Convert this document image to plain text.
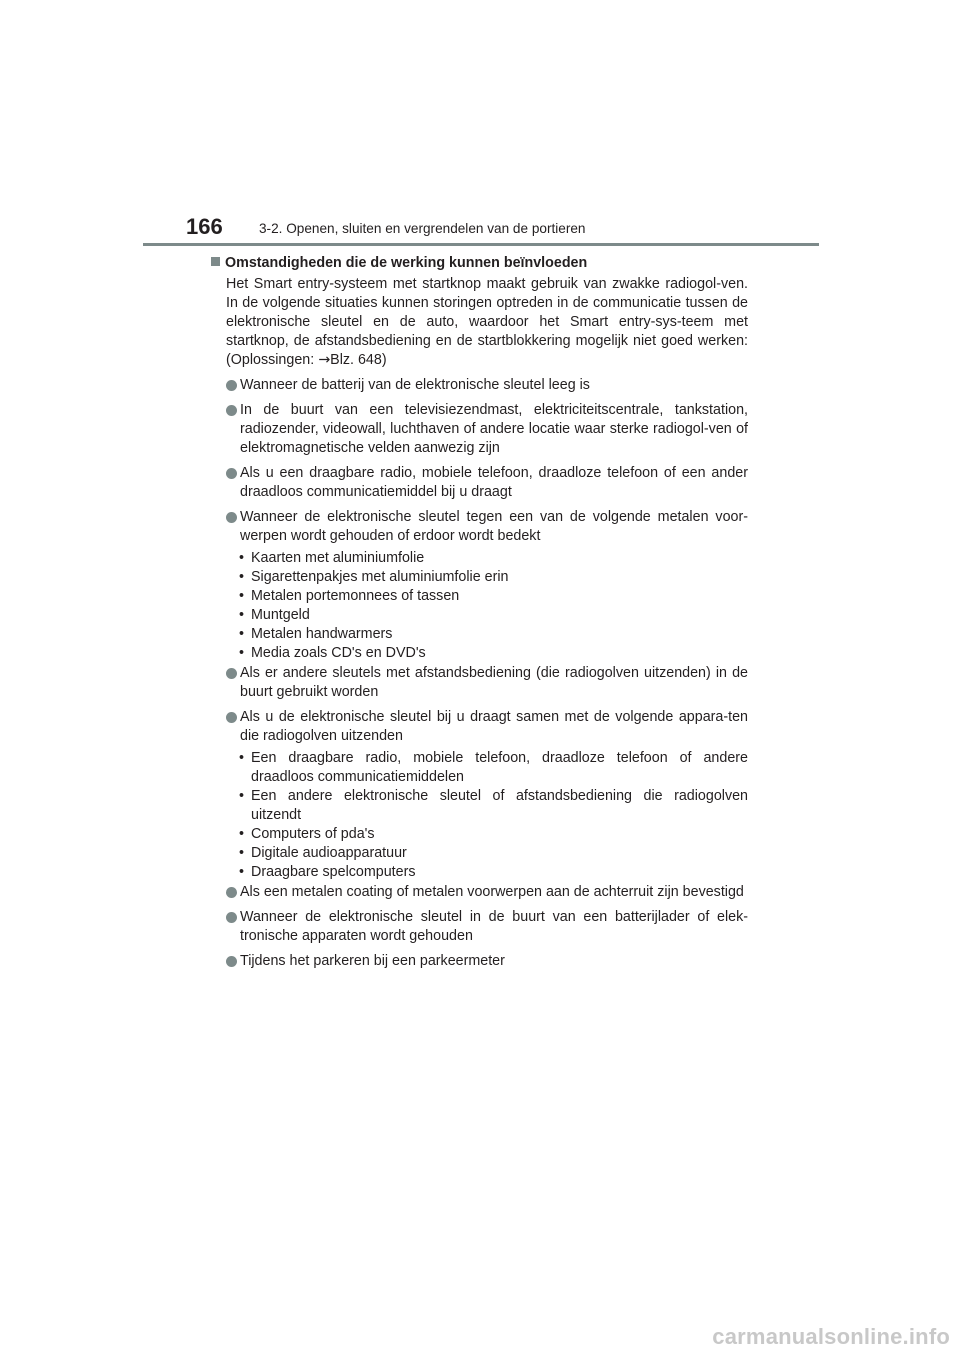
166	3-2. Openen, sluiten en vergrendelen van de portieren
Omstandigheden die de werking kunnen beïnvloeden
Het Smart entry-systeem met startknop maakt gebruik van zwakke radiogol-ven. In de volgende situaties kunnen storingen optreden in de communicatie tussen de elektronische sleutel en de auto, waardoor het Smart entry-sys-teem met startknop, de afstandsbediening en de startblokkering mogelijk niet goed werken: (Oplossingen: →Blz. 648)
Wanneer de batterij van de elektronische sleutel leeg is
In de buurt van een televisiezendmast, elektriciteitscentrale, tankstation, radiozender, videowall, luchthaven of andere locatie waar sterke radiogol-ven of elektromagnetische velden aanwezig zijn
Als u een draagbare radio, mobiele telefoon, draadloze telefoon of een ander draadloos communicatiemiddel bij u draagt
Wanneer de elektronische sleutel tegen een van de volgende metalen voor-werpen wordt gehouden of erdoor wordt bedekt
• Kaarten met aluminiumfolie
• Sigarettenpakjes met aluminiumfolie erin
• Metalen portemonnees of tassen
• Muntgeld
• Metalen handwarmers
• Media zoals CD's en DVD's
Als er andere sleutels met afstandsbediening (die radiogolven uitzenden) in de buurt gebruikt worden
Als u de elektronische sleutel bij u draagt samen met de volgende appara-ten die radiogolven uitzenden
• Een draagbare radio, mobiele telefoon, draadloze telefoon of andere draadloos communicatiemiddelen
• Een andere elektronische sleutel of afstandsbediening die radiogolven uitzendt
• Computers of pda's
• Digitale audioapparatuur
• Draagbare spelcomputers
Als een metalen coating of metalen voorwerpen aan de achterruit zijn bevestigd
Wanneer de elektronische sleutel in de buurt van een batterijlader of elek-tronische apparaten wordt gehouden
Tijdens het parkeren bij een parkeermeter
carmanualsonline.info
